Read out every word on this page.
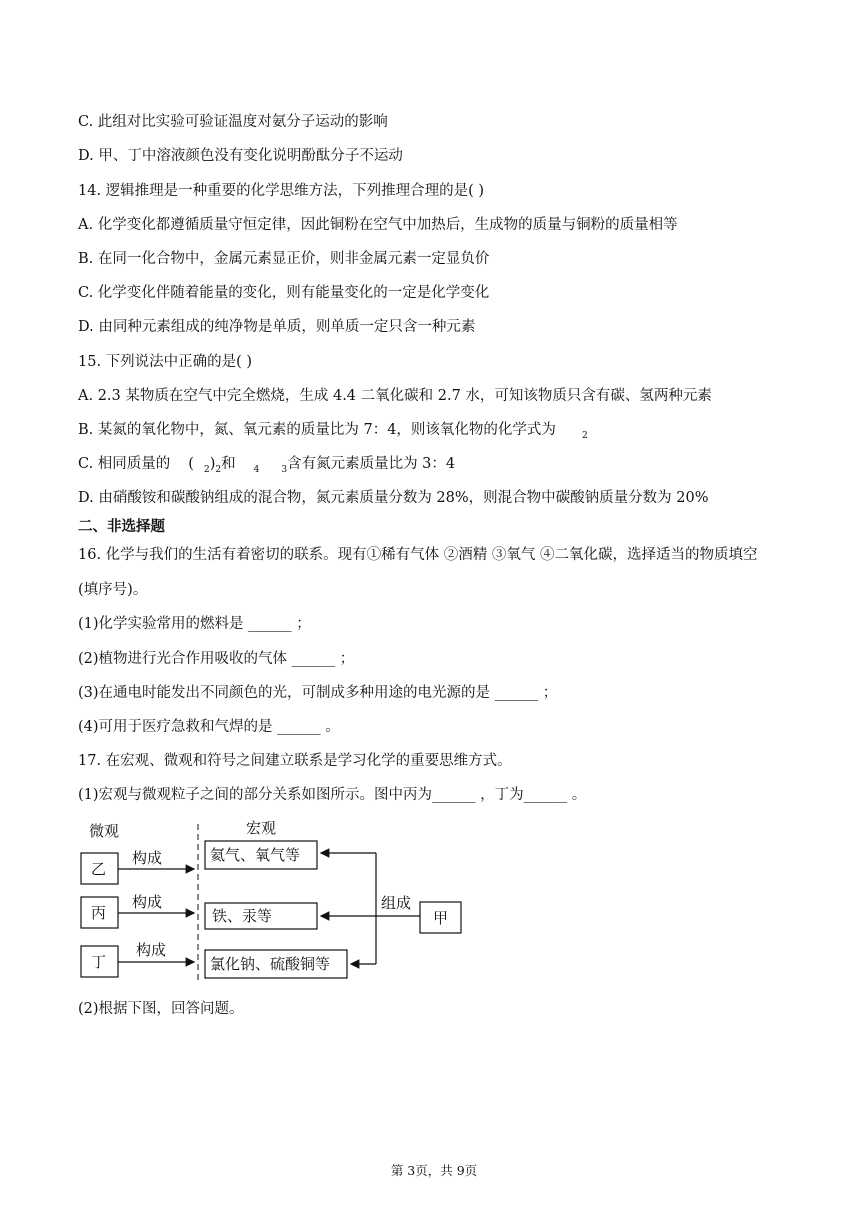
C. 此组对比实验可验证温度对氨分子运动的影响
D. 甲、丁中溶液颜色没有变化说明酚酞分子不运动
14. 逻辑推理是一种重要的化学思维方法，下列推理合理的是( )
A. 化学变化都遵循质量守恒定律，因此铜粉在空气中加热后，生成物的质量与铜粉的质量相等
B. 在同一化合物中，金属元素显正价，则非金属元素一定显负价
C. 化学变化伴随着能量的变化，则有能量变化的一定是化学变化
D. 由同种元素组成的纯净物是单质，则单质一定只含一种元素
15. 下列说法中正确的是( )
A. 2.3 某物质在空气中完全燃烧，生成 4.4 二氧化碳和 2.7 水，可知该物质只含有碳、氢两种元素
B. 某氮的氧化物中，氮、氧元素的质量比为 7：4，则该氧化物的化学式为	$_2$
C. 相同质量的 ( $_2)_2$和 $_4$ $_3$含有氮元素质量比为 3：4
D. 由硝酸铵和碳酸钠组成的混合物，氮元素质量分数为 28%，则混合物中碳酸钠质量分数为 20%
二、非选择题
16. 化学与我们的生活有着密切的联系。现有①稀有气体 ②酒精 ③氧气 ④二氧化碳，选择适当的物质填空
(填序号)。
(1)化学实验常用的燃料是 ______ ；
(2)植物进行光合作用吸收的气体 ______ ；
(3)在通电时能发出不同颜色的光，可制成多种用途的电光源的是 ______ ；
(4)可用于医疗急救和气焊的是 ______ 。
17. 在宏观、微观和符号之间建立联系是学习化学的重要思维方式。
(1)宏观与微观粒子之间的部分关系如图所示。图中丙为______ ，丁为______ 。
微观	宏观
乙
丙
丁
构成
构成
构成
氦气、氧气等
铁、汞等
氯化钠、硫酸铜等
组成
甲
(2)根据下图，回答问题。
第 3页，共 9页
